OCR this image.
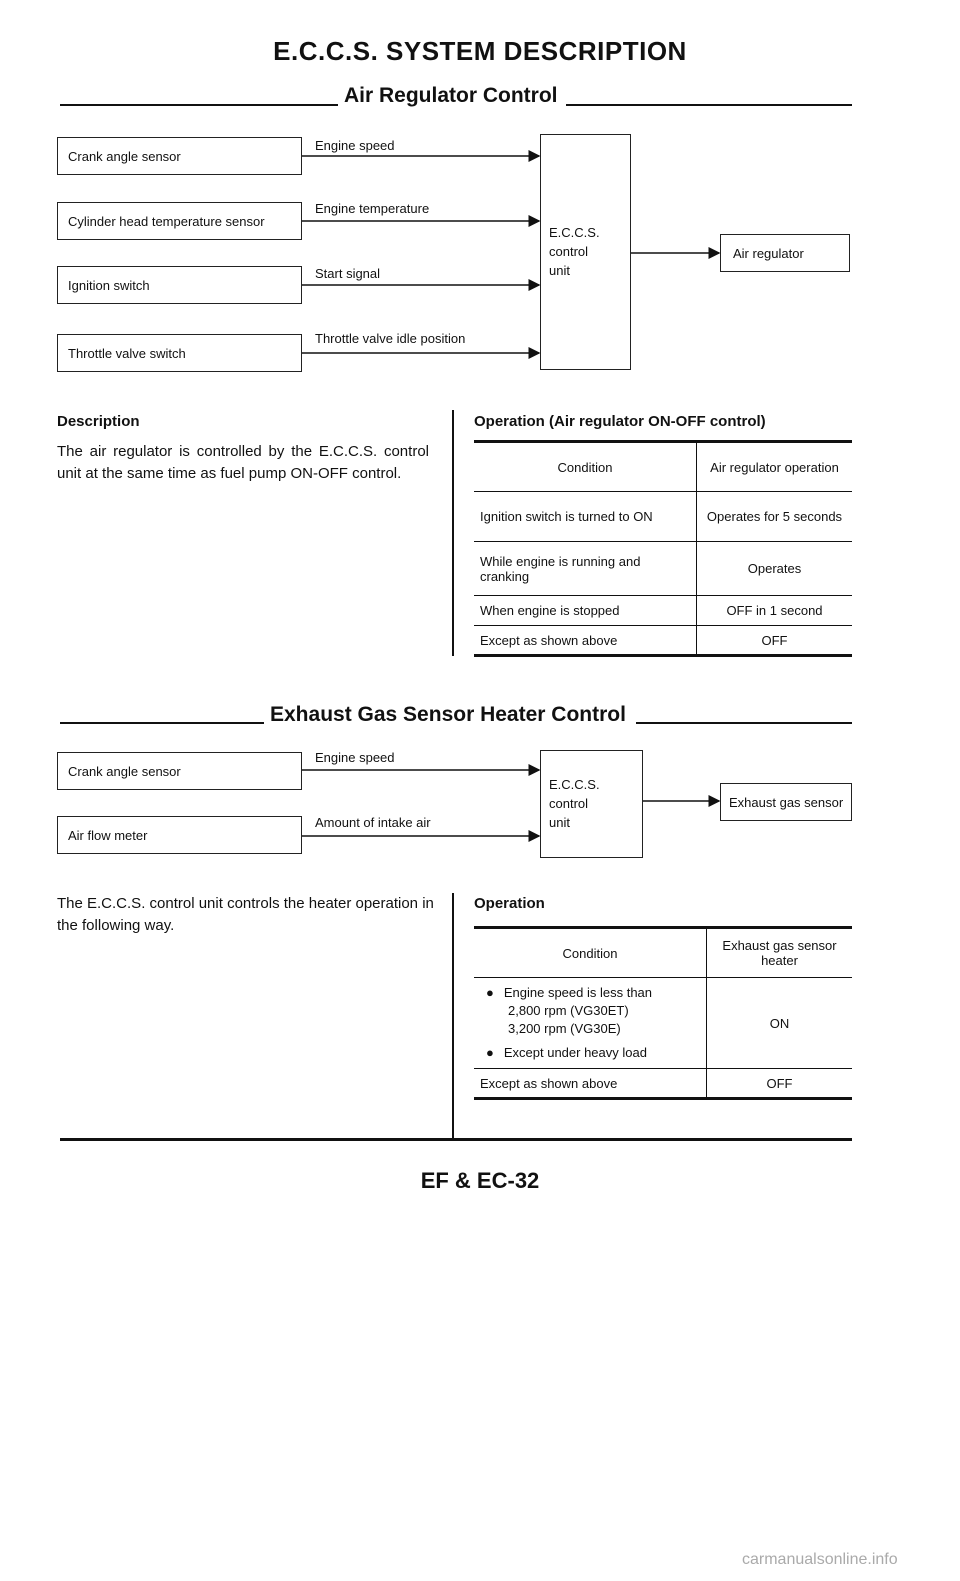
E.C.C.S. SYSTEM DESCRIPTION
Air Regulator Control
Crank angle sensor
Cylinder head temperature sensor
Ignition switch
Throttle valve switch
Engine speed
Engine temperature
Start signal
Throttle valve idle position
E.C.C.S.
control
unit
Air regulator
Description
The air regulator is controlled by the E.C.C.S. control unit at the same time as fuel pump ON-OFF control.
Operation (Air regulator ON-OFF control)
Condition	Air regulator operation
Ignition switch is turned to ON	Operates for 5 seconds
While engine is running and cranking	Operates
When engine is stopped	OFF in 1 second
Except as shown above	OFF
Exhaust Gas Sensor Heater Control
Crank angle sensor
Air flow meter
Engine speed
Amount of intake air
E.C.C.S.
control
unit
Exhaust gas sensor
The E.C.C.S. control unit controls the heater operation in the following way.
Operation
Condition	Exhaust gas sensor heater

● Engine speed is less than
2,800 rpm (VG30ET)
3,200 rpm (VG30E)
● Except under heavy load	ON
Except as shown above	OFF
EF & EC-32
carmanualsonline.info
